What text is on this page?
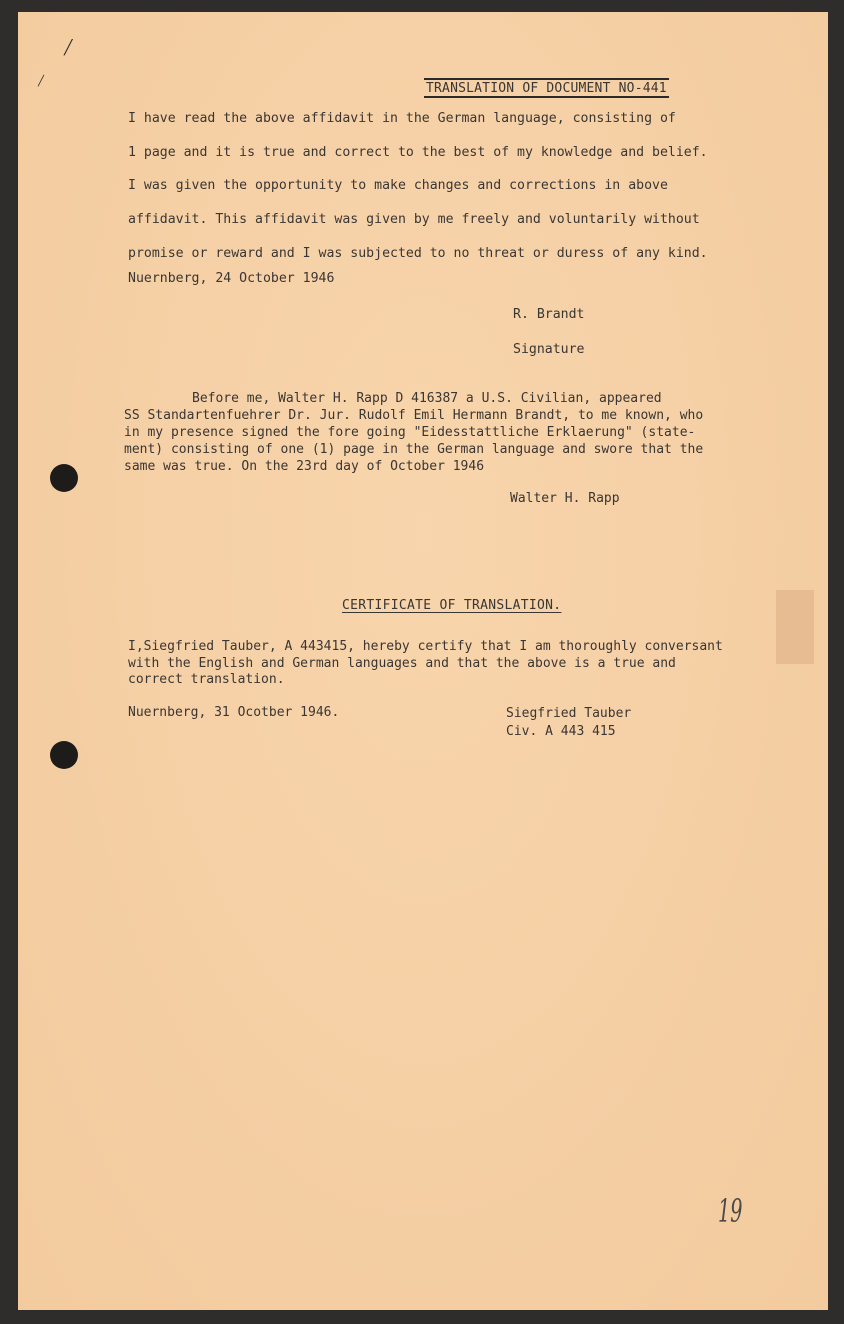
╱
╱	TRANSLATION OF DOCUMENT NO-441
I have read the above affidavit in the German language, consisting of
1 page and it is true and correct to the best of my knowledge and belief.
I was given the opportunity to make changes and corrections in above
affidavit. This affidavit was given by me freely and voluntarily without
promise or reward and I was subjected to no threat or duress of any kind.
Nuernberg, 24 October 1946
R. Brandt
Signature
Before me, Walter H. Rapp D 416387 a U.S. Civilian, appeared
SS Standartenfuehrer Dr. Jur. Rudolf Emil Hermann Brandt, to me known, who
in my presence signed the fore going "Eidesstattliche Erklaerung" (state-
ment) consisting of one (1) page in the German language and swore that the
same was true. On the 23rd day of October 1946
Walter H. Rapp
CERTIFICATE OF TRANSLATION.
I,Siegfried Tauber, A 443415, hereby certify that I am thoroughly conversant
with the English and German languages and that the above is a true and
correct translation.
Nuernberg, 31 Ocotber 1946.	Siegfried Tauber
Civ. A 443 415
19
